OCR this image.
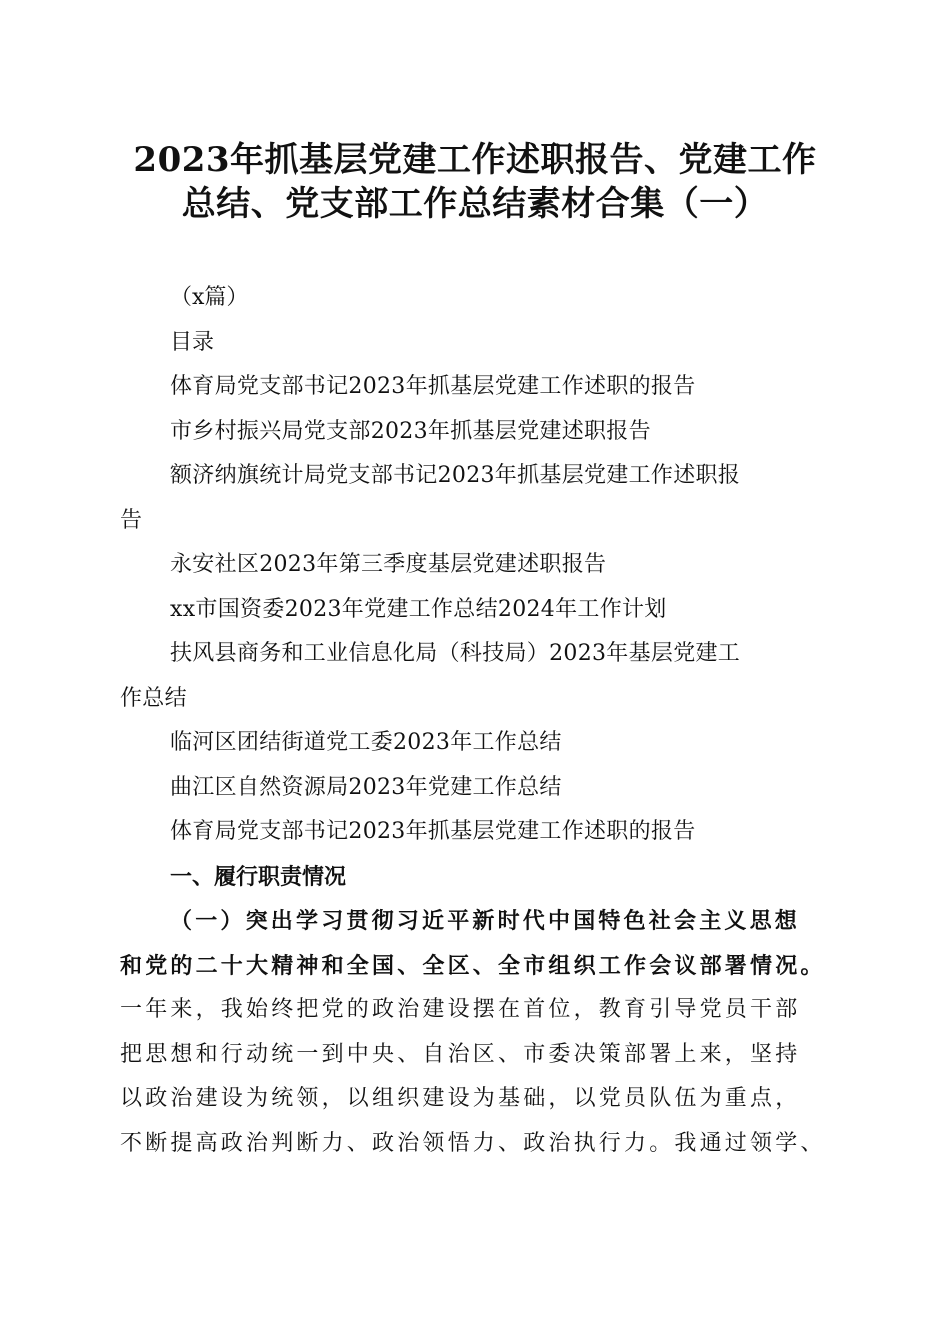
2023年抓基层党建工作述职报告、党建工作
总结、党支部工作总结素材合集（一）

（x篇）

目录

体育局党支部书记2023年抓基层党建工作述职的报告

市乡村振兴局党支部2023年抓基层党建述职报告

额济纳旗统计局党支部书记2023年抓基层党建工作述职报

告

永安社区2023年第三季度基层党建述职报告

xx市国资委2023年党建工作总结2024年工作计划

扶风县商务和工业信息化局（科技局）2023年基层党建工

作总结

临河区团结街道党工委2023年工作总结

曲江区自然资源局2023年党建工作总结

体育局党支部书记2023年抓基层党建工作述职的报告

一、履行职责情况

（一）突出学习贯彻习近平新时代中国特色社会主义思想

和党的二十大精神和全国、全区、全市组织工作会议部署情况。

一年来，我始终把党的政治建设摆在首位，教育引导党员干部

把思想和行动统一到中央、自治区、市委决策部署上来，坚持

以政治建设为统领，以组织建设为基础，以党员队伍为重点，

不断提高政治判断力、政治领悟力、政治执行力。我通过领学、
